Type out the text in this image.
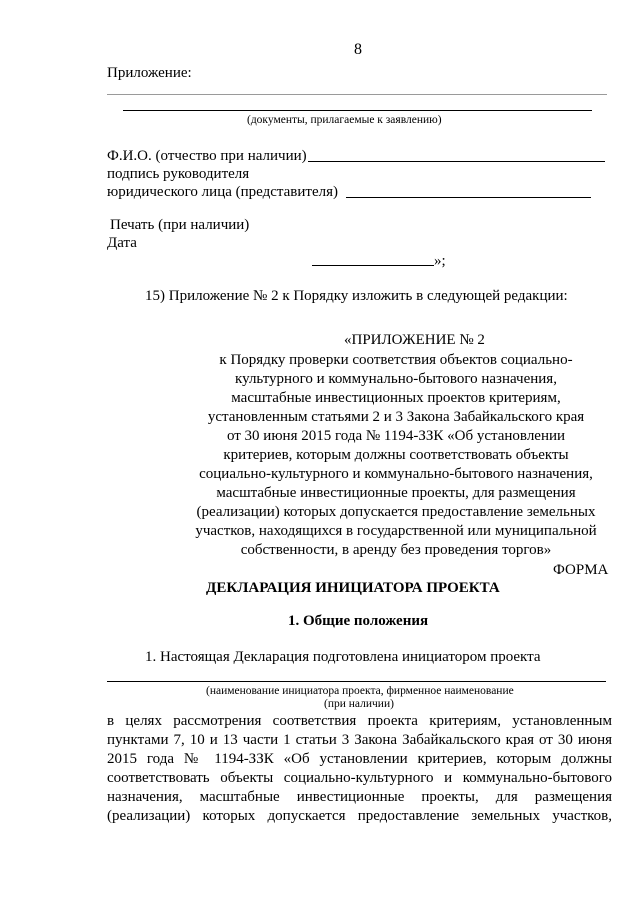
8
Приложение:
(документы, прилагаемые к заявлению)
Ф.И.О. (отчество при наличии)
подпись руководителя
юридического лица (представителя)
Печать (при наличии)
Дата
»;
15) Приложение № 2 к Порядку изложить в следующей редакции:
«ПРИЛОЖЕНИЕ № 2
к Порядку проверки соответствия объектов социально-
культурного и коммунально-бытового назначения,
масштабные инвестиционных проектов критериям,
установленным статьями 2 и 3 Закона Забайкальского края
от 30 июня 2015 года № 1194-ЗЗК «Об установлении
критериев, которым должны соответствовать объекты
социально-культурного и коммунально-бытового назначения,
масштабные инвестиционные проекты, для размещения
(реализации) которых допускается предоставление земельных
участков, находящихся в государственной или муниципальной
собственности, в аренду без проведения торгов»
ФОРМА
ДЕКЛАРАЦИЯ ИНИЦИАТОРА ПРОЕКТА
1. Общие положения
1. Настоящая Декларация подготовлена инициатором проекта
(наименование инициатора проекта, фирменное наименование
(при наличии)
в целях рассмотрения соответствия проекта критериям, установленным
пунктами 7, 10 и 13 части 1 статьи 3 Закона Забайкальского края от 30 июня
2015 года № 1194-ЗЗК «Об установлении критериев, которым должны
соответствовать объекты социально-культурного и коммунально-бытового
назначения, масштабные инвестиционные проекты, для размещения
(реализации) которых допускается предоставление земельных участков,
